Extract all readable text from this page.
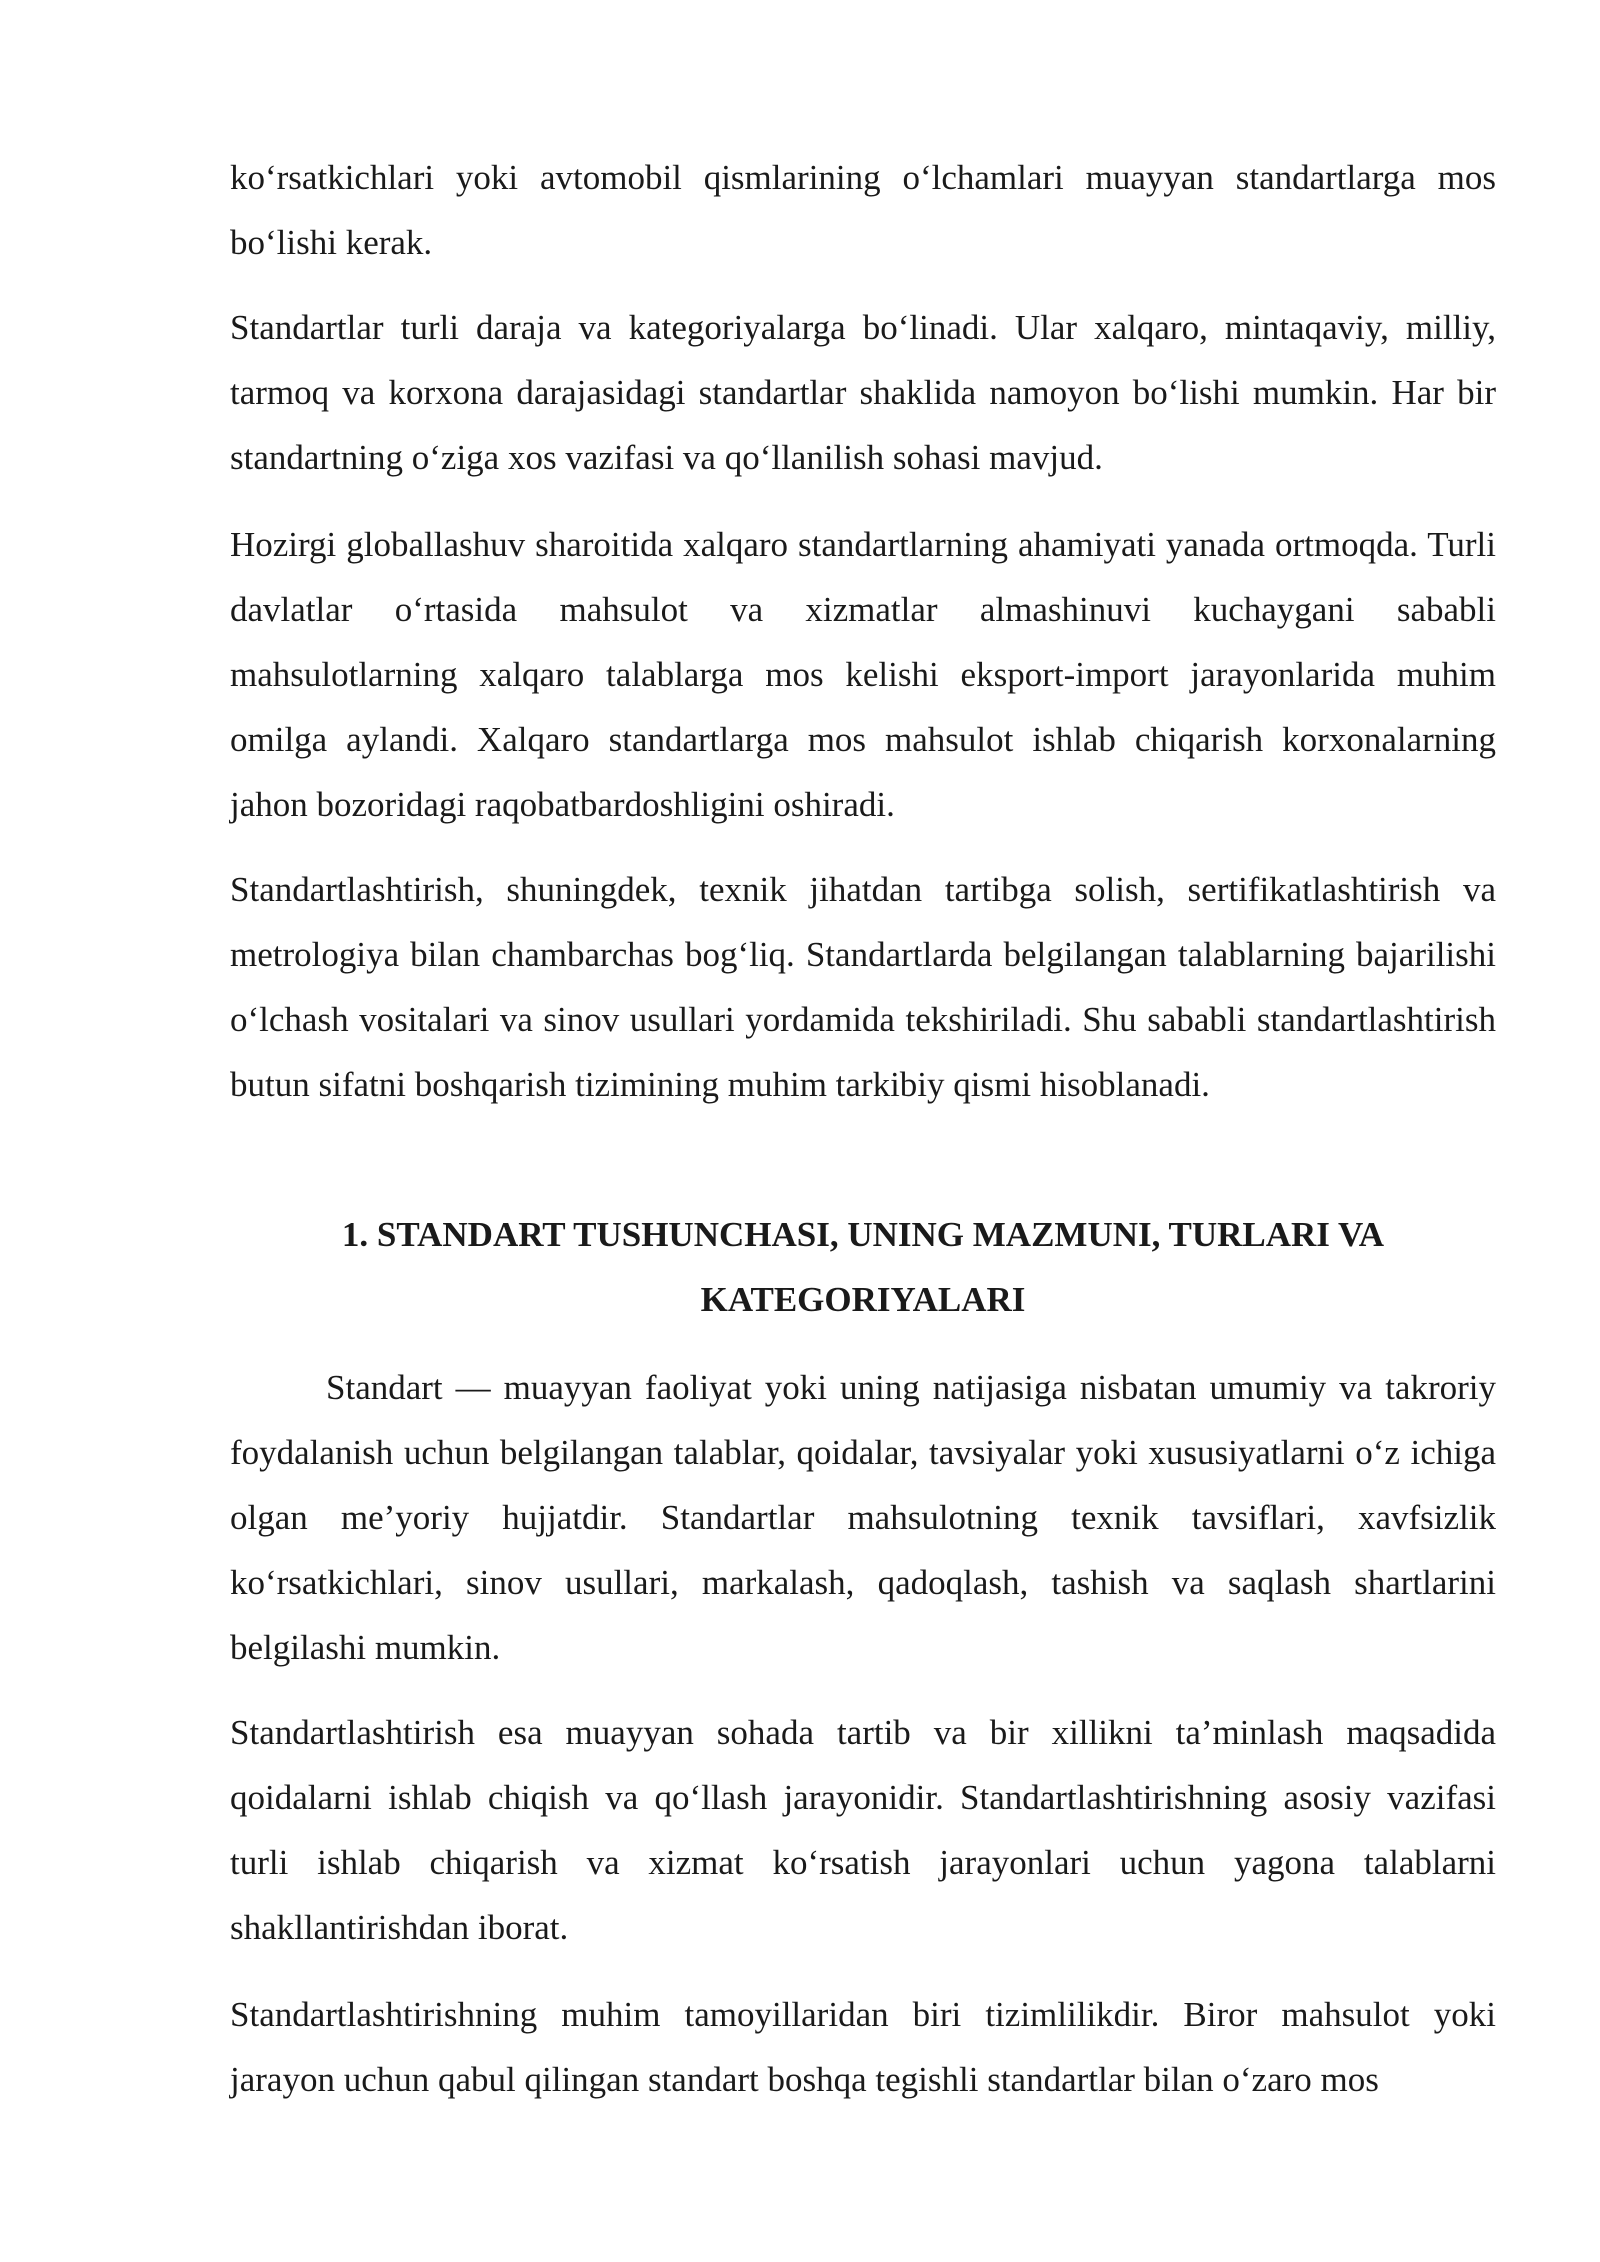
ko‘rsatkichlari yoki avtomobil qismlarining o‘lchamlari muayyan standartlarga mos bo‘lishi kerak.

Standartlar turli daraja va kategoriyalarga bo‘linadi. Ular xalqaro, mintaqaviy, milliy, tarmoq va korxona darajasidagi standartlar shaklida namoyon bo‘lishi mumkin. Har bir standartning o‘ziga xos vazifasi va qo‘llanilish sohasi mavjud.

Hozirgi globallashuv sharoitida xalqaro standartlarning ahamiyati yanada ortmoqda. Turli davlatlar o‘rtasida mahsulot va xizmatlar almashinuvi kuchaygani sababli mahsulotlarning xalqaro talablarga mos kelishi eksport-import jarayonlarida muhim omilga aylandi. Xalqaro standartlarga mos mahsulot ishlab chiqarish korxonalarning jahon bozoridagi raqobatbardoshligini oshiradi.

Standartlashtirish, shuningdek, texnik jihatdan tartibga solish, sertifikatlashtirish va metrologiya bilan chambarchas bog‘liq. Standartlarda belgilangan talablarning bajarilishi o‘lchash vositalari va sinov usullari yordamida tekshiriladi. Shu sababli standartlashtirish butun sifatni boshqarish tizimining muhim tarkibiy qismi hisoblanadi.

1. STANDART TUSHUNCHASI, UNING MAZMUNI, TURLARI VA KATEGORIYALARI

Standart — muayyan faoliyat yoki uning natijasiga nisbatan umumiy va takroriy foydalanish uchun belgilangan talablar, qoidalar, tavsiyalar yoki xususiyatlarni o‘z ichiga olgan me’yoriy hujjatdir. Standartlar mahsulotning texnik tavsiflari, xavfsizlik ko‘rsatkichlari, sinov usullari, markalash, qadoqlash, tashish va saqlash shartlarini belgilashi mumkin.

Standartlashtirish esa muayyan sohada tartib va bir xillikni ta’minlash maqsadida qoidalarni ishlab chiqish va qo‘llash jarayonidir. Standartlashtirishning asosiy vazifasi turli ishlab chiqarish va xizmat ko‘rsatish jarayonlari uchun yagona talablarni shakllantirishdan iborat.

Standartlashtirishning muhim tamoyillaridan biri tizimlilikdir. Biror mahsulot yoki jarayon uchun qabul qilingan standart boshqa tegishli standartlar bilan o‘zaro mos
